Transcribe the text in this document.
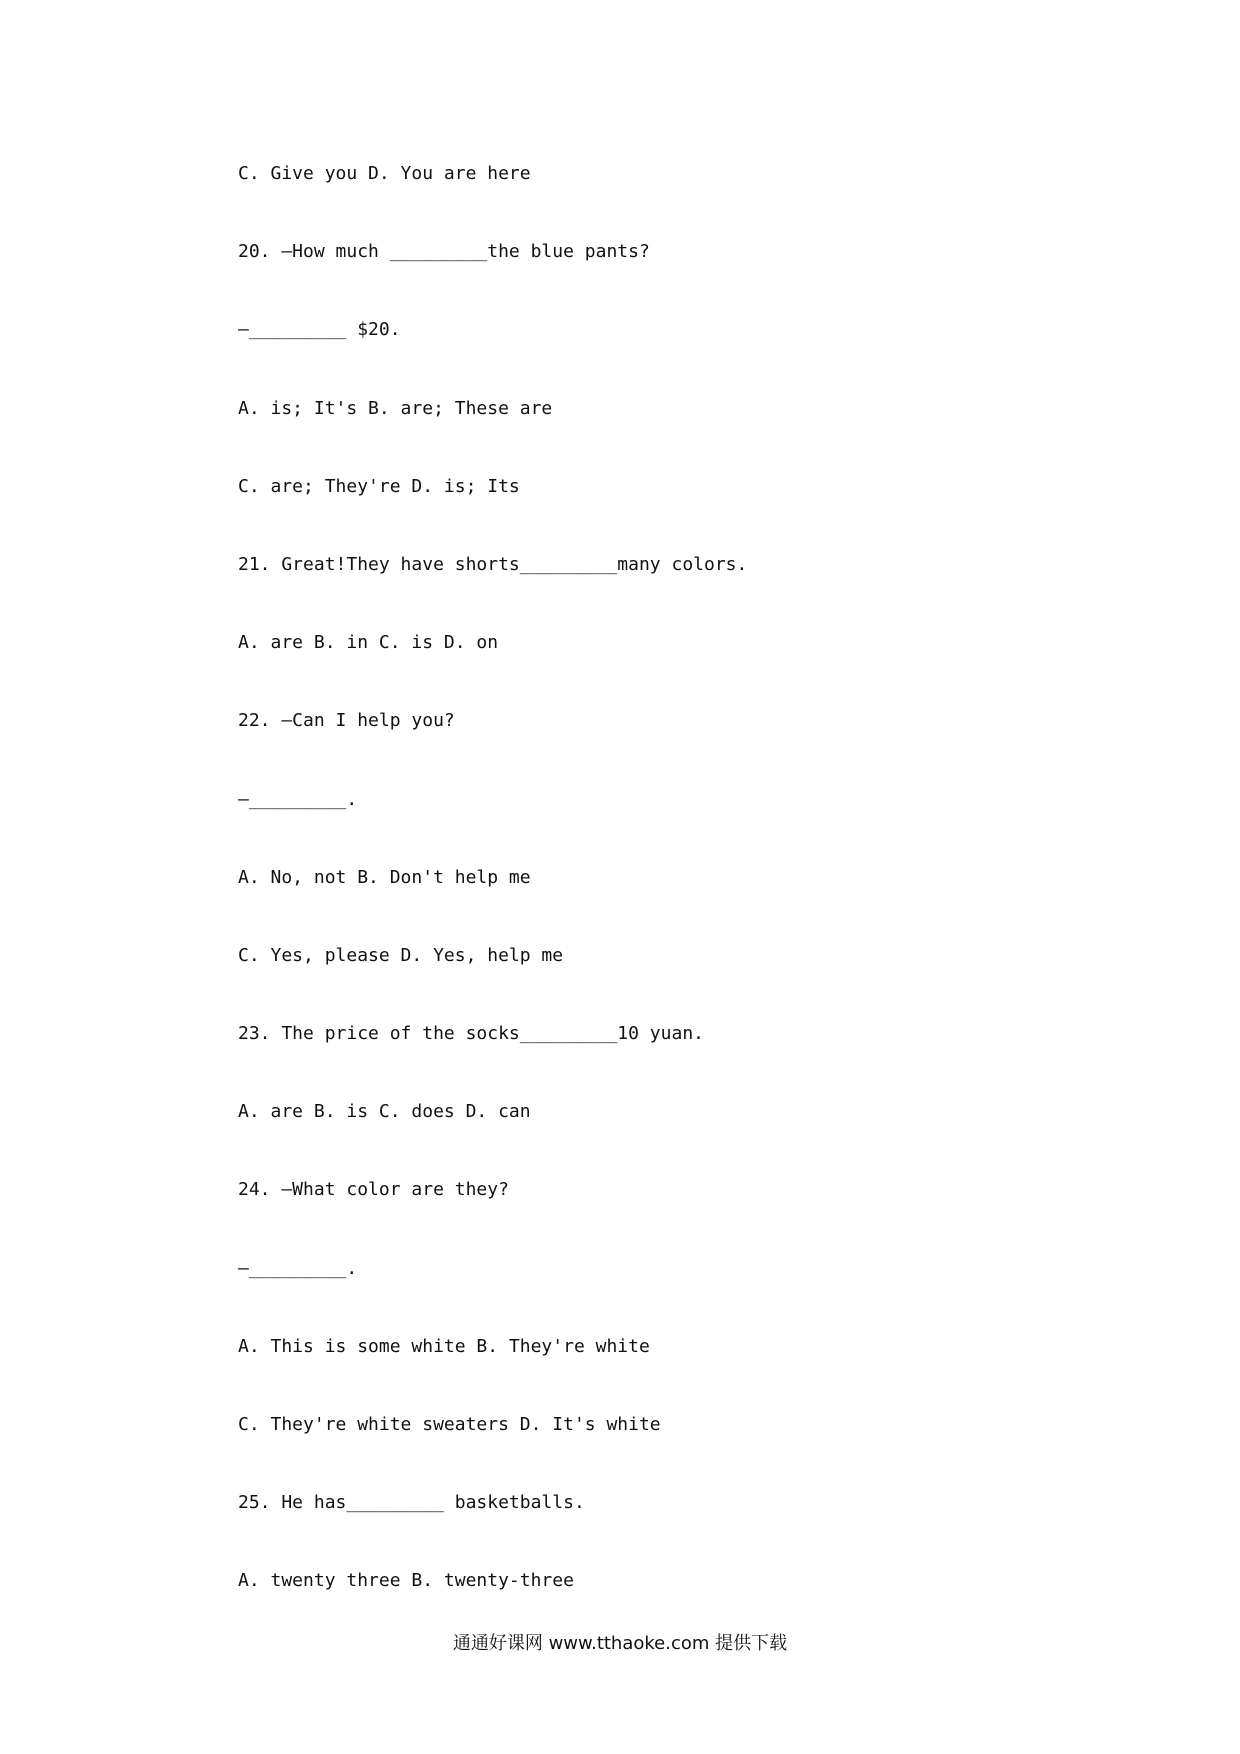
C. Give you D. You are here
20. —How much _________the blue pants?
—_________ $20.
A. is; It's B. are; These are
C. are; They're D. is; Its
21. Great!They have shorts_________many colors.
A. are B. in C. is D. on
22. —Can I help you?
—_________.
A. No, not B. Don't help me
C. Yes, please D. Yes, help me
23. The price of the socks_________10 yuan.
A. are B. is C. does D. can
24. —What color are they?
—_________.
A. This is some white B. They're white
C. They're white sweaters D. It's white
25. He has_________ basketballs.
A. twenty three B. twenty-three
通通好课网 www.tthaoke.com 提供下载
